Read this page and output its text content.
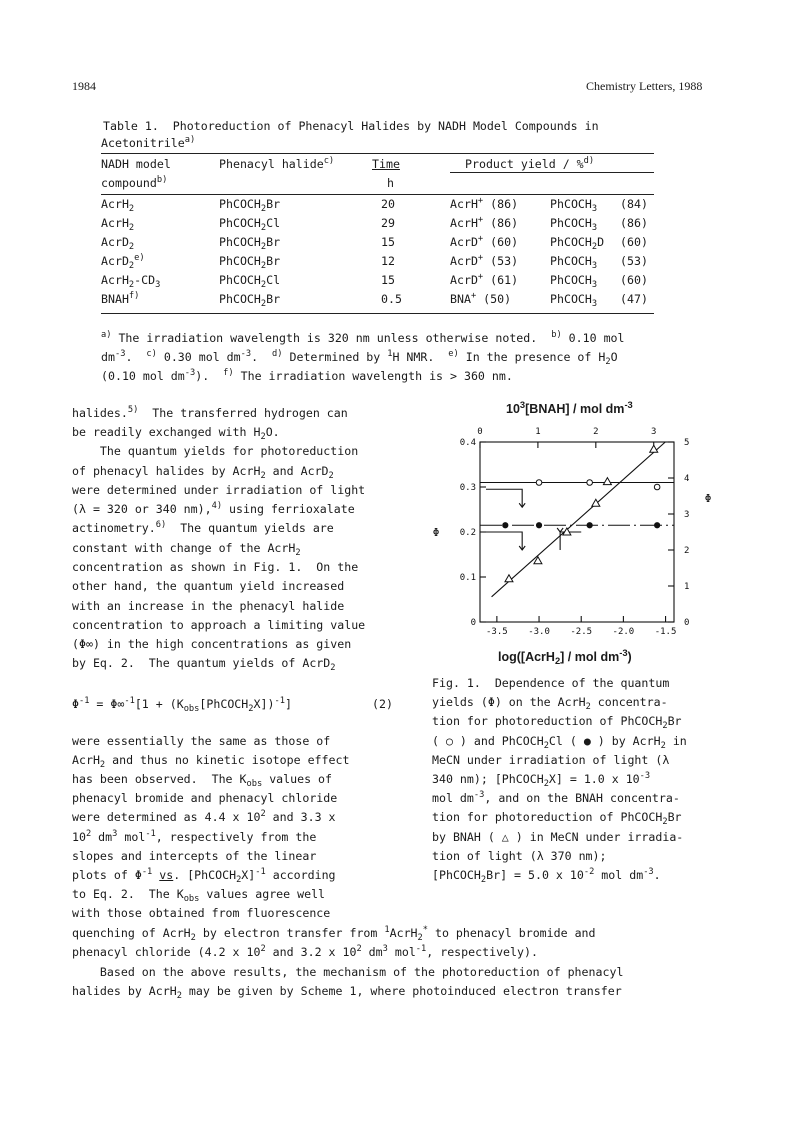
1984	Chemistry Letters, 1988
Table 1.  Photoreduction of Phenacyl Halides by NADH Model Compounds in
Acetonitrile$^{a)}$
NADH model
compound$^{b)}$
Phenacyl halide$^{c)}$	Time
h
Product yield / %$^{d)}$
AcrH$_2$	PhCOCH$_2$Br	20	AcrH+ (86)	PhCOCH$_3$ (84)
AcrH$_2$	PhCOCH$_2$Cl	29	AcrH+ (86)	PhCOCH$_3$ (86)
AcrD$_2$	PhCOCH$_2$Br	15	AcrD+ (60)	PhCOCH$_2$D (60)
AcrD$_2^{e)}$	PhCOCH$_2$Br	12	AcrD+ (53)	PhCOCH$_3$ (53)
$AcrH_2-CD_3$	PhCOCH$_2$Cl	15	AcrD+ (61)	PhCOCH$_3$ (60)
BNAH$^{f)}$	PhCOCH$_2$Br	0.5	BNA+ (50)	PhCOCH$_3$ (47)
$^{a)}$ The irradiation wavelength is 320 nm unless otherwise noted.  $^{b)}$ 0.10 mol
$dm^{-3}$.  $^{c)}$ 0.30 mol $dm^{-3}$.  $^{d)}$ Determined by $^1$H NMR.  $^{e)}$ In the presence of $H_2O$
(0.10 mol $dm^{-3}$).  $^{f)}$ The irradiation wavelength is > 360 nm.
halides.$^{5)}$  The transferred hydrogen can
be readily exchanged with $H_2O$.
The quantum yields for photoreduction
of phenacyl halides by AcrH$_2$ and AcrD$_2$
were determined under irradiation of light
(λ = 320 or 340 nm),$^{4)}$ using ferrioxalate
actinometry.$^{6)}$  The quantum yields are
constant with change of the AcrH$_2$
concentration as shown in Fig. 1.  On the
other hand, the quantum yield increased
with an increase in the phenacyl halide
concentration to approach a limiting value
(Φ∞) in the high concentrations as given
by Eq. 2.  The quantum yields of AcrD$_2$
$\Phi^{-1} = \Phi\infty^{-1}[1$ + $(K_{obs}[PhCOCH_2X])^{-1}$]	(2)
were essentially the same as those of
AcrH$_2$ and thus no kinetic isotope effect
has been observed.  The $K_{obs}$ values of
phenacyl bromide and phenacyl chloride
were determined as 4.4 x $10^2$ and 3.3 x
$10^2$ $dm^3$ mol$^{-1}$, respectively from the
slopes and intercepts of the linear
plots of $\Phi^{-1}$ vs. [PhCOCH$_2$X]$^{-1}$ according
to Eq. 2.  The $K_{obs}$ values agree well
with those obtained from fluorescence
quenching of AcrH$_2$ by electron transfer from $^1$AcrH$_2$* to phenacyl bromide and
phenacyl chloride (4.2 x $10^2$ and 3.2 x $10^2$ $dm^3$ mol$^{-1}$, respectively).
Based on the above results, the mechanism of the photoreduction of phenacyl
halides by AcrH$_2$ may be given by Scheme 1, where photoinduced electron transfer
$10^3[BNAH]$ / mol $dm^{-3}$
log([AcrH$_2$] / mol $dm^{-3}$)
-3.5 -3.0 -2.5 -2.0 -1.5
0	1	2	3
0
0.1
0.2
0.3
0.4
0
1
2
3
4
5
Φ
Φ
Fig. 1.  Dependence of the quantum
yields (Φ) on the AcrH$_2$ concentra-
tion for photoreduction of PhCOCH$_2$Br
( ○ ) and PhCOCH$_2$Cl ( ● ) by AcrH$_2$ in
MeCN under irradiation of light (λ
340 nm); [PhCOCH$_2$X] = 1.0 x $10^{-3}$
mol $dm^{-3}$, and on the BNAH concentra-
tion for photoreduction of PhCOCH$_2$Br
by BNAH ( △ ) in MeCN under irradia-
tion of light (λ 370 nm);
[PhCOCH$_2$Br] = 5.0 x $10^{-2}$ mol $dm^{-3}$.
